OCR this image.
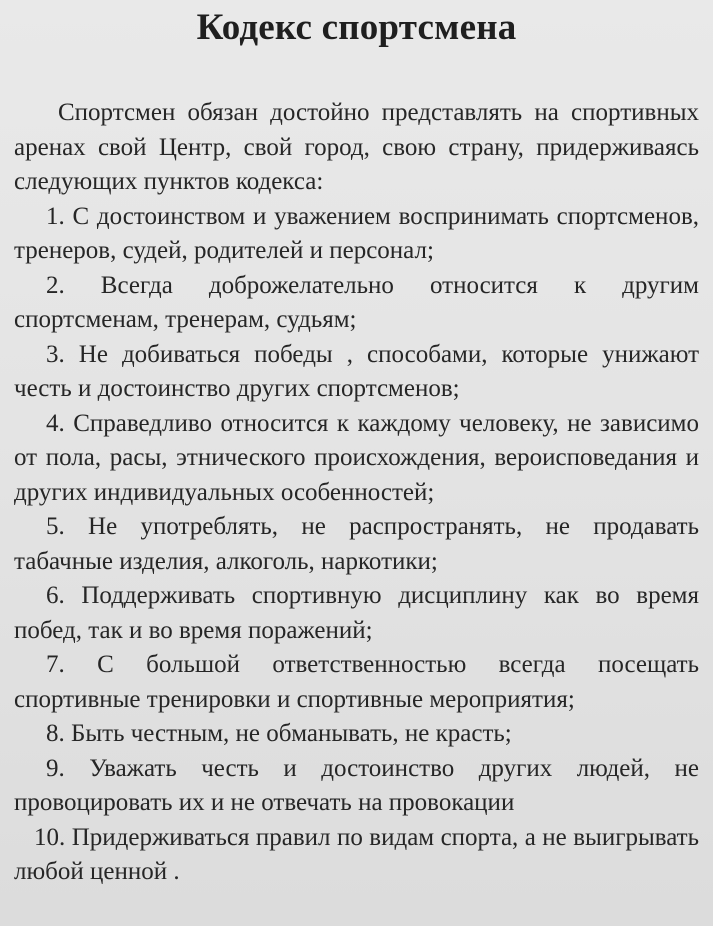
Кодекс спортсмена

Спортсмен обязан достойно представлять на спортивных аренах свой Центр, свой город, свою страну, придерживаясь следующих пунктов кодекса:

1. С достоинством и уважением воспринимать спортсменов, тренеров, судей, родителей и персонал;

2. Всегда доброжелательно относится к другим спортсменам, тренерам, судьям;

3. Не добиваться победы , способами, которые унижают честь и достоинство других спортсменов;

4. Справедливо относится к каждому человеку, не зависимо от пола, расы, этнического происхождения, вероисповедания и других индивидуальных особенностей;

5. Не употреблять, не распространять, не продавать табачные изделия, алкоголь, наркотики;

6. Поддерживать спортивную дисциплину как во время побед, так и во время поражений;

7. С большой ответственностью всегда посещать спортивные тренировки и спортивные мероприятия;

8. Быть честным, не обманывать, не красть;

9. Уважать честь и достоинство других людей, не провоцировать их и не отвечать на провокации

10. Придерживаться правил по видам спорта, а не выигрывать любой ценной .
